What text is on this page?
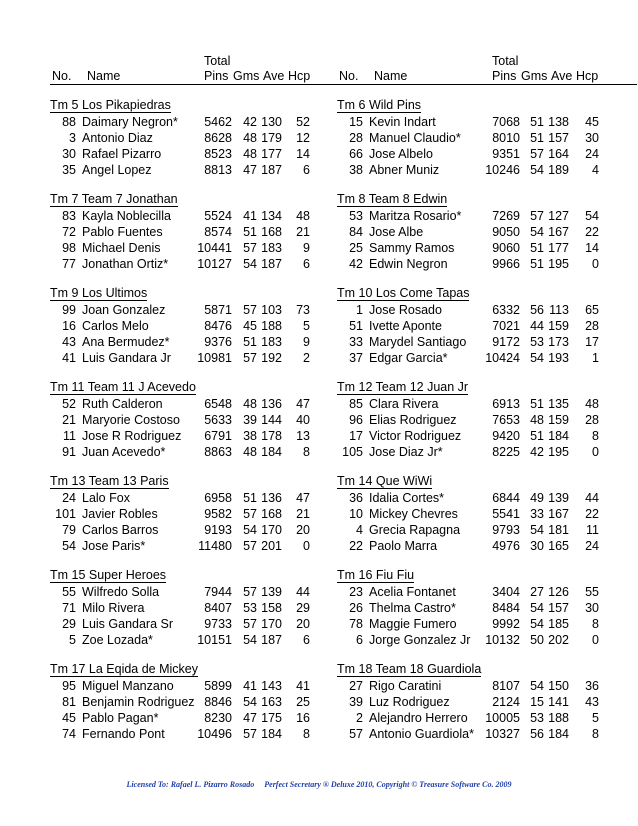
Total
No. Name	Pins Gms Ave Hcp
Tm 5 Los Pikapiedras
88 Daimary Negron*	5462 42 130	52
3 Antonio Diaz	8628 48 179	12
30 Rafael Pizarro	8523 48 177	14
35 Angel Lopez	8813 47 187	6
Tm 7 Team 7 Jonathan
83 Kayla Noblecilla	5524 41 134	48
72 Pablo Fuentes	8574 51 168	21
98 Michael Denis	10441 57 183	9
77 Jonathan Ortiz*	10127 54 187	6
Tm 9 Los Ultimos
99 Joan Gonzalez	5871 57 103	73
16 Carlos Melo	8476 45 188	5
43 Ana Bermudez*	9376 51 183	9
41 Luis Gandara Jr	10981 57 192	2
Tm 11 Team 11 J Acevedo
52 Ruth Calderon	6548 48 136	47
21 Maryorie Costoso	5633 39 144	40
11 Jose R Rodriguez	6791 38 178	13
91 Juan Acevedo*	8863 48 184	8
Tm 13 Team 13 Paris
24 Lalo Fox	6958 51 136	47
101 Javier Robles	9582 57 168	21
79 Carlos Barros	9193 54 170	20
54 Jose Paris*	11480 57 201	0
Tm 15 Super Heroes
55 Wilfredo Solla	7944 57 139	44
71 Milo Rivera	8407 53 158	29
29 Luis Gandara Sr	9733 57 170	20
5 Zoe Lozada*	10151 54 187	6
Tm 17 La Eqida de Mickey
95 Miguel Manzano	5899 41 143	41
81 Benjamin Rodriguez 8846 54 163	25
45 Pablo Pagan*	8230 47 175	16
74 Fernando Pont	10496 57 184	8
Total
No. Name	Pins Gms Ave Hcp
Tm 6 Wild Pins
15 Kevin Indart	7068 51 138	45
28 Manuel Claudio*	8010 51 157	30
66 Jose Albelo	9351 57 164	24
38 Abner Muniz	10246 54 189	4
Tm 8 Team 8 Edwin
53 Maritza Rosario*	7269 57 127	54
84 Jose Albe	9050 54 167	22
25 Sammy Ramos	9060 51 177	14
42 Edwin Negron	9966 51 195	0
Tm 10 Los Come Tapas
1 Jose Rosado	6332 56 113	65
51 Ivette Aponte	7021 44 159	28
33 Marydel Santiago	9172 53 173	17
37 Edgar Garcia*	10424 54 193	1
Tm 12 Team 12 Juan Jr
85 Clara Rivera	6913 51 135	48
96 Elias Rodriguez	7653 48 159	28
17 Victor Rodriguez	9420 51 184	8
105 Jose Diaz Jr*	8225 42 195	0
Tm 14 Que WiWi
36 Idalia Cortes*	6844 49 139	44
10 Mickey Chevres	5541 33 167	22
4 Grecia Rapagna	9793 54 181	11
22 Paolo Marra	4976 30 165	24
Tm 16 Fiu Fiu
23 Acelia Fontanet	3404 27 126	55
26 Thelma Castro*	8484 54 157	30
78 Maggie Fumero	9992 54 185	8
6 Jorge Gonzalez Jr	10132 50 202	0
Tm 18 Team 18 Guardiola
27 Rigo Caratini	8107 54 150	36
39 Luz Rodriguez	2124 15 141	43
2 Alejandro Herrero	10005 53 188	5
57 Antonio Guardiola* 10327 56 184	8
Licensed To: Rafael L. Pizarro Rosado Perfect Secretary ® Deluxe 2010, Copyright © Treasure Software Co. 2009
